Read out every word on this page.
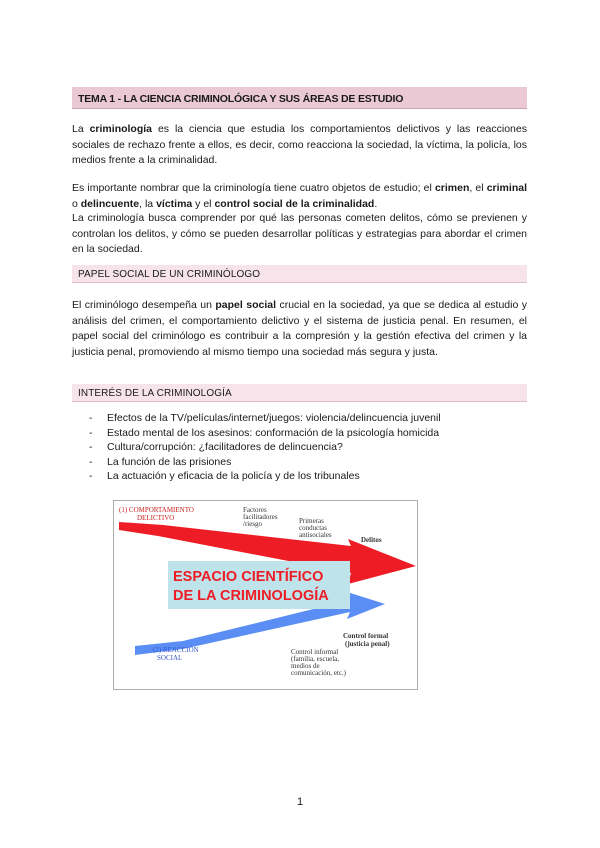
TEMA 1 - LA CIENCIA CRIMINOLÓGICA Y SUS ÁREAS DE ESTUDIO

La criminología es la ciencia que estudia los comportamientos delictivos y las reacciones sociales de rechazo frente a ellos, es decir, como reacciona la sociedad, la víctima, la policía, los medios frente a la criminalidad.

Es importante nombrar que la criminología tiene cuatro objetos de estudio; el crimen, el criminal o delincuente, la víctima y el control social de la criminalidad.

La criminología busca comprender por qué las personas cometen delitos, cómo se previenen y controlan los delitos, y cómo se pueden desarrollar políticas y estrategias para abordar el crimen en la sociedad.

PAPEL SOCIAL DE UN CRIMINÓLOGO

El criminólogo desempeña un papel social crucial en la sociedad, ya que se dedica al estudio y análisis del crimen, el comportamiento delictivo y el sistema de justicia penal. En resumen, el papel social del criminólogo es contribuir a la compresión y la gestión efectiva del crimen y la justicia penal, promoviendo al mismo tiempo una sociedad más segura y justa.

INTERÉS DE LA CRIMINOLOGÍA
- Efectos de la TV/películas/internet/juegos: violencia/delincuencia juvenil
- Estado mental de los asesinos: conformación de la psicología homicida
- Cultura/corrupción: ¿facilitadores de delincuencia?
- La función de las prisiones
- La actuación y eficacia de la policía y de los tribunales
(1) COMPORTAMIENTO
DELICTIVO
Factores
facilitadores
/riesgo	Primeras
conductas
antisociales
Delitos
(2) REACCIÓN
SOCIAL
Control formal
(justicia penal)
Control informal
(familia, escuela,
medios de
comunicación, etc.)
ESPACIO CIENTÍFICO
DE LA CRIMINOLOGÍA
1
